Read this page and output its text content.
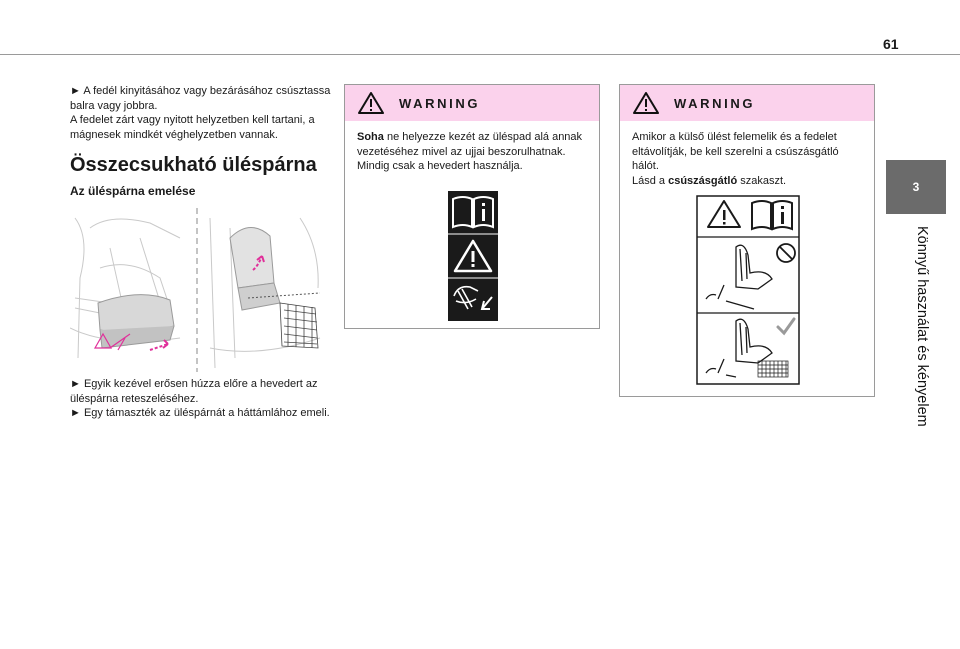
61
3
Könnyű használat és kényelem

► A fedél kinyitásához vagy bezárásához csúsztassa balra vagy jobbra.

A fedelet zárt vagy nyitott helyzetben kell tartani, a mágnesek mindkét véghelyzetben vannak.

Összecsukható üléspárna
Az üléspárna emelése

► Egyik kezével erősen húzza előre a hevedert az üléspárna reteszeléséhez.

► Egy támaszték az üléspárnát a háttámlához emeli.

WARNING
Soha ne helyezze kezét az üléspad alá annak vezetéséhez mivel az ujjai beszorulhatnak.
Mindig csak a hevedert használja.
WARNING
Amikor a külső ülést felemelik és a fedelet eltávolítják, be kell szerelni a csúszásgátló hálót.
Lásd a csúszásgátló szakaszt.
